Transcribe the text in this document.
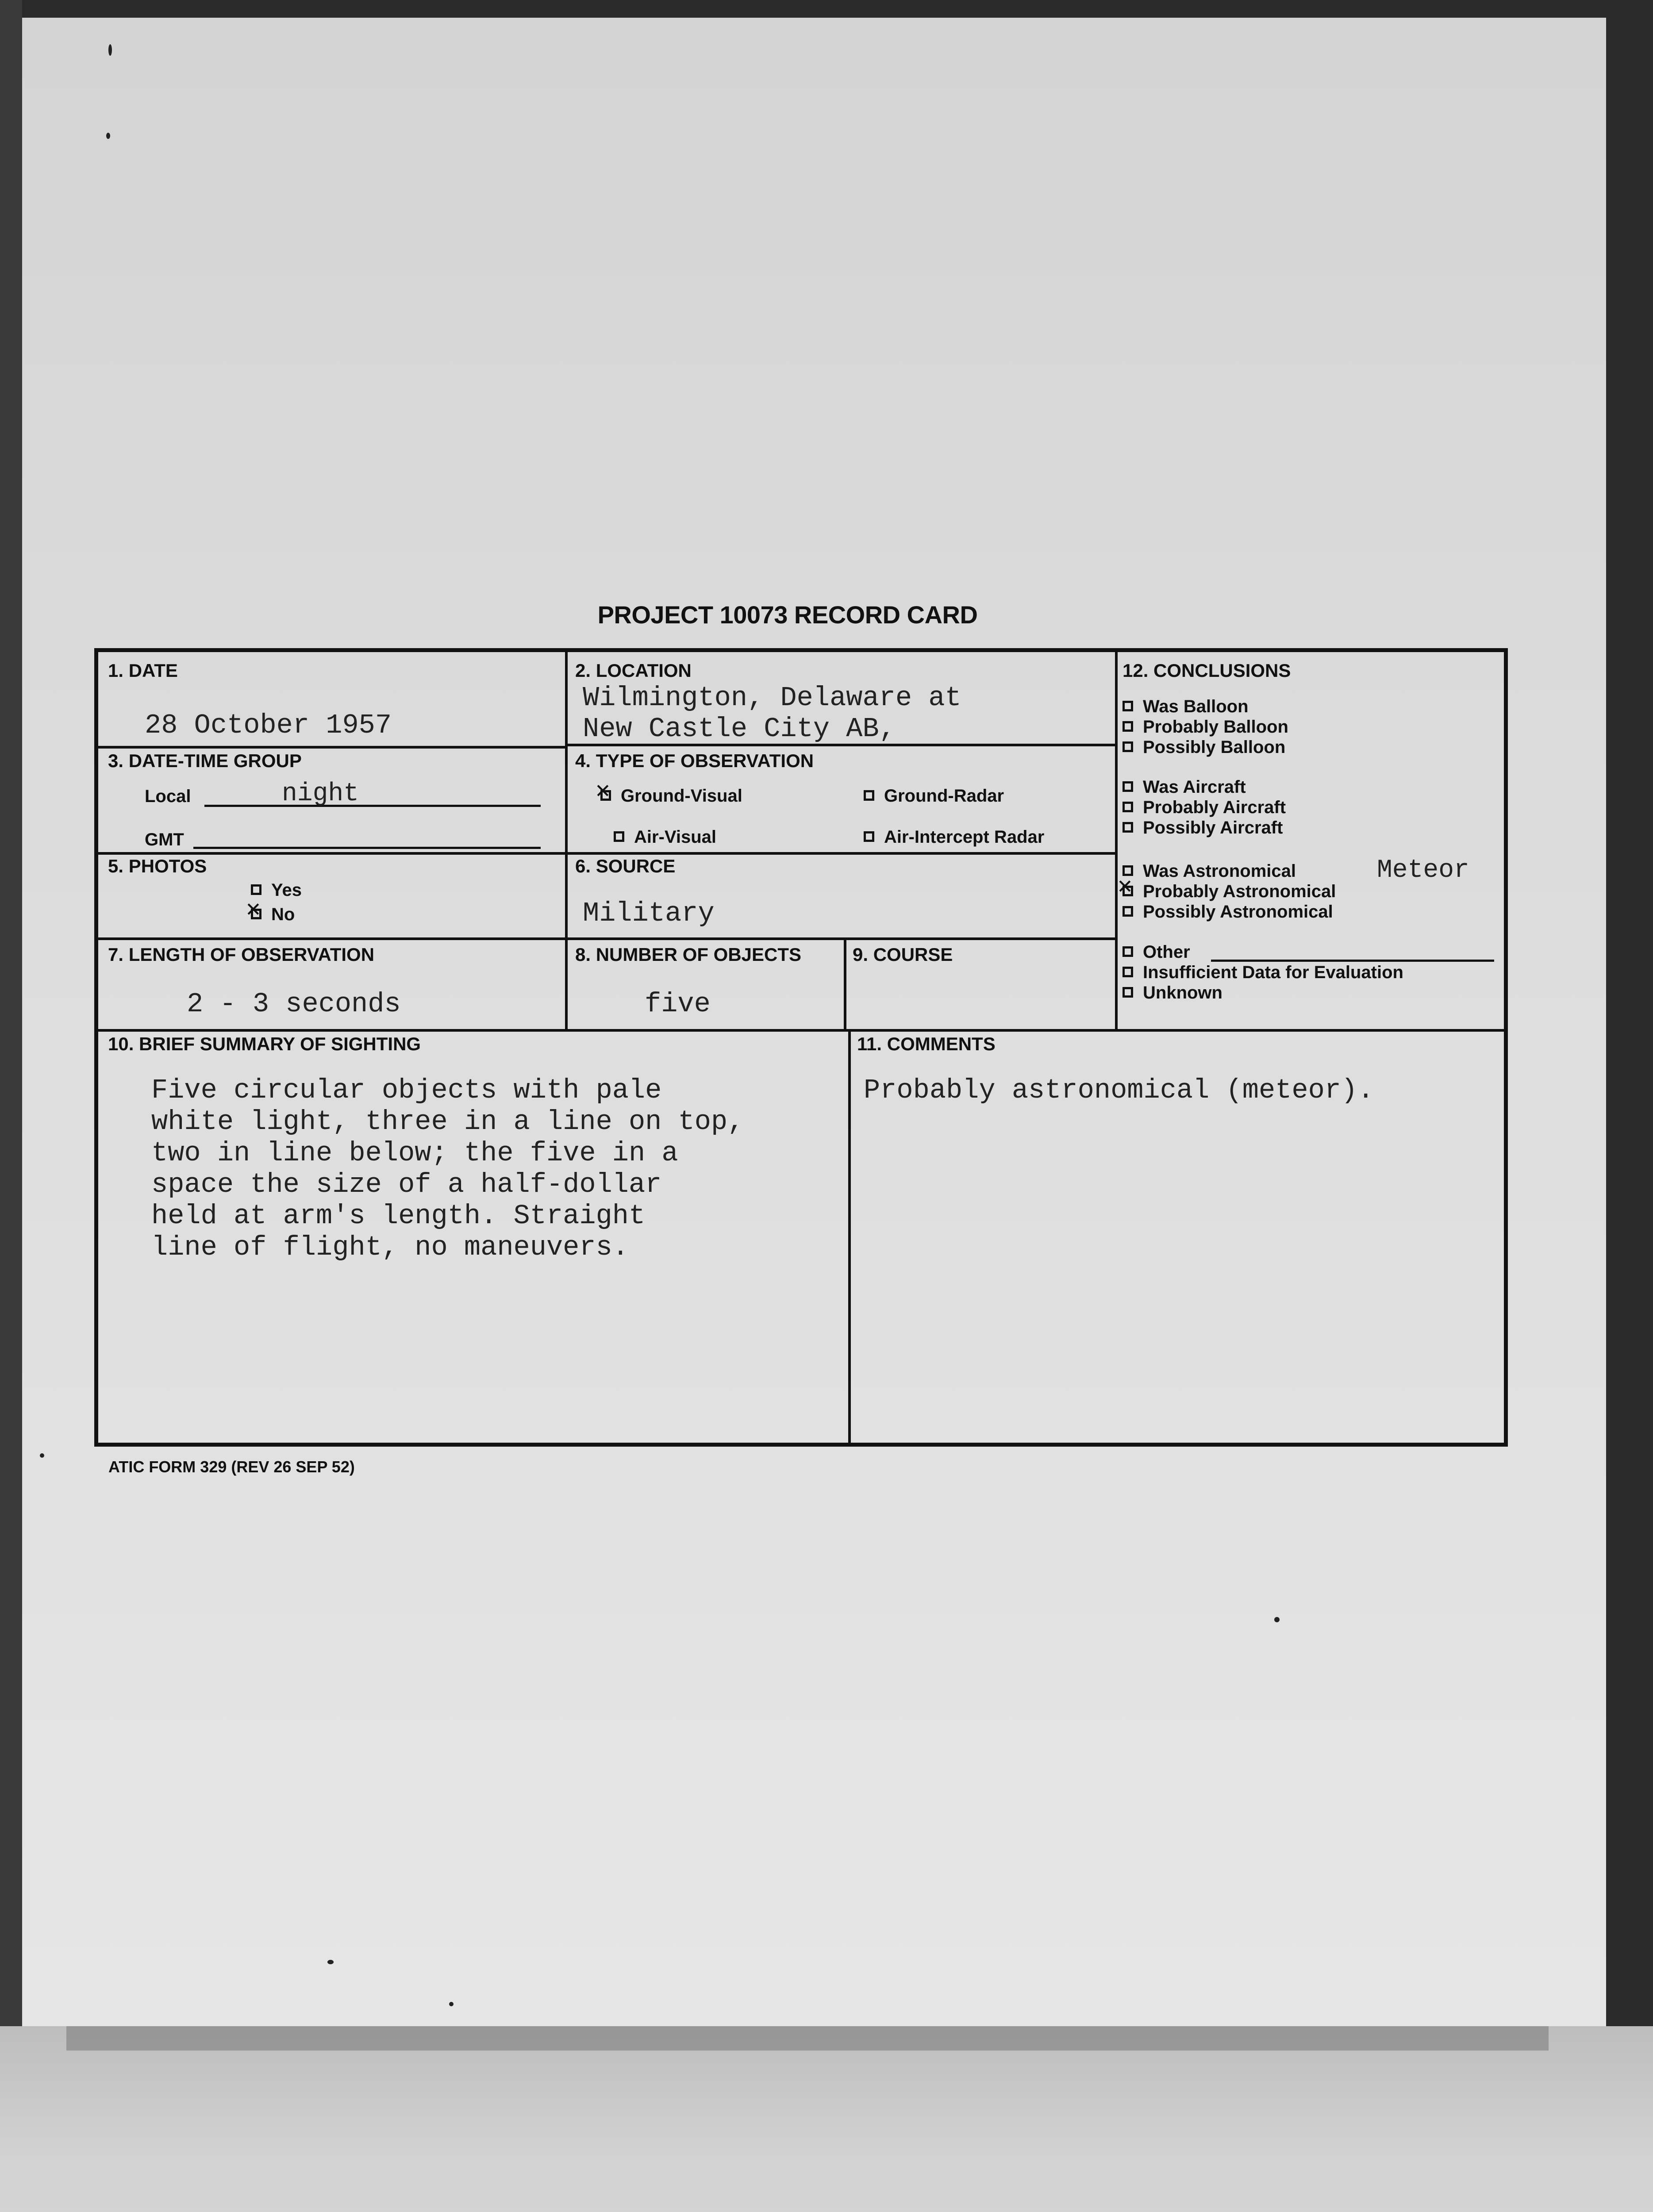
PROJECT 10073 RECORD CARD
1. DATE
28 October 1957
2. LOCATION
Wilmington, Delaware at
New Castle City AB,
3. DATE-TIME GROUP
Local	night
GMT
4. TYPE OF OBSERVATION
✕Ground-Visual	Ground-Radar
Air-Visual	Air-Intercept Radar
5. PHOTOS
Yes
✕No
6. SOURCE
Military
7. LENGTH OF OBSERVATION
2 - 3 seconds
8. NUMBER OF OBJECTS
five
9. COURSE
10. BRIEF SUMMARY OF SIGHTING
Five circular objects with pale
white light, three in a line on top,
two in line below; the five in a
space the size of a half-dollar
held at arm's length. Straight
line of flight, no maneuvers.
11. COMMENTS
Probably astronomical (meteor).
12. CONCLUSIONS
Was Balloon
Probably Balloon
Possibly Balloon
Was Aircraft
Probably Aircraft
Possibly Aircraft
Was Astronomical	Meteor
✕Probably Astronomical
Possibly Astronomical
Other
Insufficient Data for Evaluation
Unknown
ATIC FORM 329 (REV 26 SEP 52)
